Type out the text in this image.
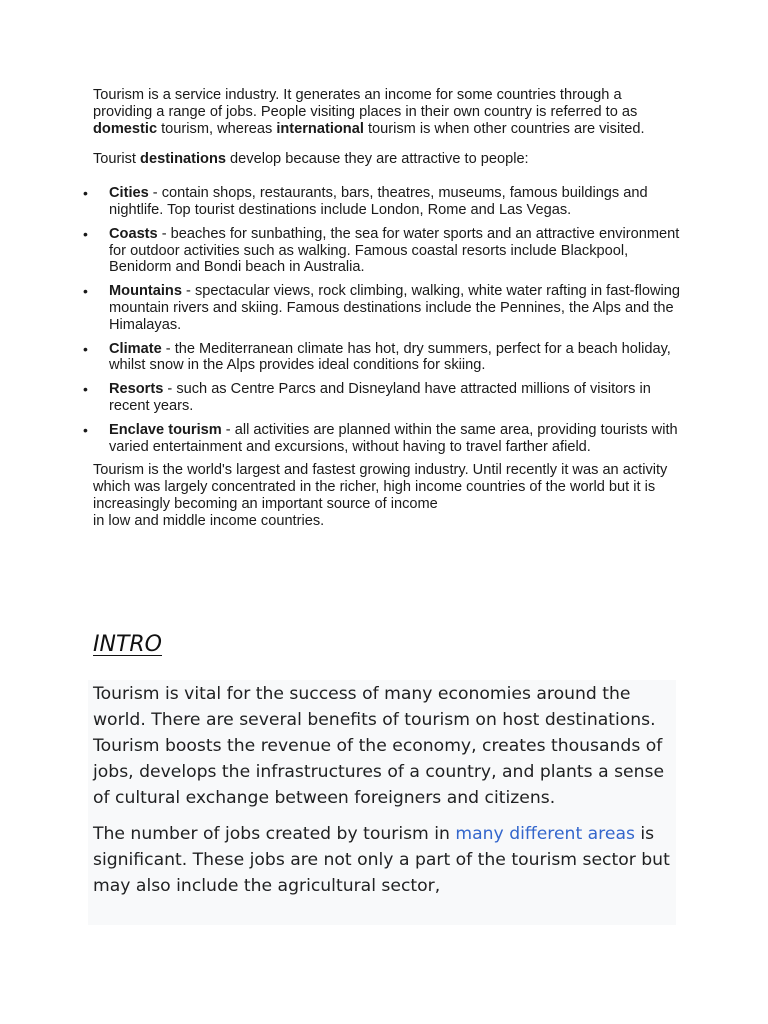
Tourism is a service industry. It generates an income for some countries through a providing a range of jobs. People visiting places in their own country is referred to as domestic tourism, whereas international tourism is when other countries are visited.

Tourist destinations develop because they are attractive to people:

• Cities - contain shops, restaurants, bars, theatres, museums, famous buildings and nightlife. Top tourist destinations include London, Rome and Las Vegas.
• Coasts - beaches for sunbathing, the sea for water sports and an attractive environment for outdoor activities such as walking. Famous coastal resorts include Blackpool, Benidorm and Bondi beach in Australia.
• Mountains - spectacular views, rock climbing, walking, white water rafting in fast-flowing mountain rivers and skiing. Famous destinations include the Pennines, the Alps and the Himalayas.
• Climate - the Mediterranean climate has hot, dry summers, perfect for a beach holiday, whilst snow in the Alps provides ideal conditions for skiing.
• Resorts - such as Centre Parcs and Disneyland have attracted millions of visitors in recent years.
• Enclave tourism - all activities are planned within the same area, providing tourists with varied entertainment and excursions, without having to travel farther afield.

Tourism is the world's largest and fastest growing industry. Until recently it was an activity which was largely concentrated in the richer, high income countries of the world but it is increasingly becoming an important source of income
in low and middle income countries.

INTRO

Tourism is vital for the success of many economies around the world. There are several benefits of tourism on host destinations. Tourism boosts the revenue of the economy, creates thousands of jobs, develops the infrastructures of a country, and plants a sense of cultural exchange between foreigners and citizens.

The number of jobs created by tourism in many different areas is significant. These jobs are not only a part of the tourism sector but may also include the agricultural sector,
